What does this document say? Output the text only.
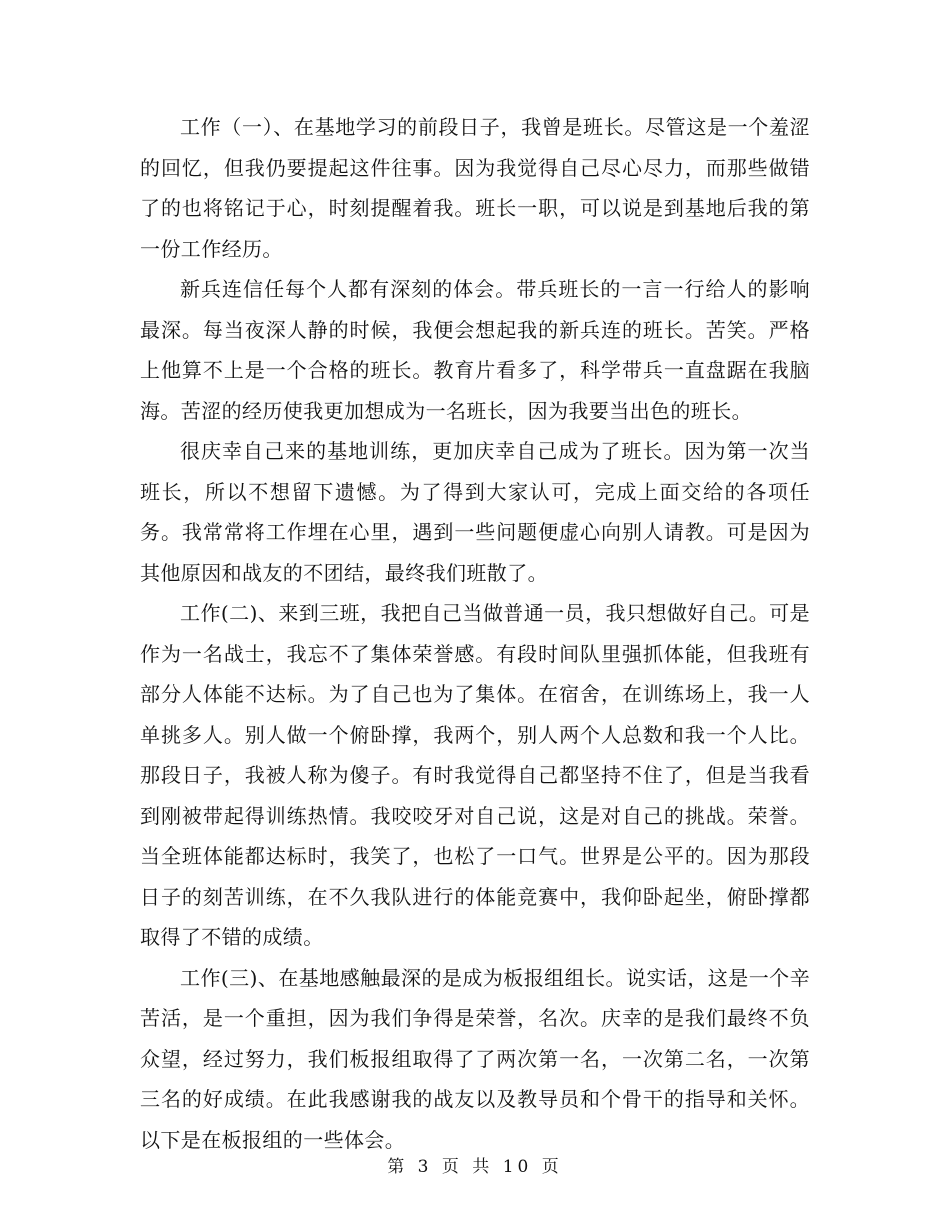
工作（一）、在基地学习的前段日子，我曾是班长。尽管这是一个羞涩的回忆，但我仍要提起这件往事。因为我觉得自己尽心尽力，而那些做错了的也将铭记于心，时刻提醒着我。班长一职，可以说是到基地后我的第一份工作经历。

新兵连信任每个人都有深刻的体会。带兵班长的一言一行给人的影响最深。每当夜深人静的时候，我便会想起我的新兵连的班长。苦笑。严格上他算不上是一个合格的班长。教育片看多了，科学带兵一直盘踞在我脑海。苦涩的经历使我更加想成为一名班长，因为我要当出色的班长。

很庆幸自己来的基地训练，更加庆幸自己成为了班长。因为第一次当班长，所以不想留下遗憾。为了得到大家认可，完成上面交给的各项任务。我常常将工作埋在心里，遇到一些问题便虚心向别人请教。可是因为其他原因和战友的不团结，最终我们班散了。

工作(二)、来到三班，我把自己当做普通一员，我只想做好自己。可是作为一名战士，我忘不了集体荣誉感。有段时间队里强抓体能，但我班有部分人体能不达标。为了自己也为了集体。在宿舍，在训练场上，我一人单挑多人。别人做一个俯卧撑，我两个，别人两个人总数和我一个人比。那段日子，我被人称为傻子。有时我觉得自己都坚持不住了，但是当我看到刚被带起得训练热情。我咬咬牙对自己说，这是对自己的挑战。荣誉。当全班体能都达标时，我笑了，也松了一口气。世界是公平的。因为那段日子的刻苦训练，在不久我队进行的体能竞赛中，我仰卧起坐，俯卧撑都取得了不错的成绩。

工作(三)、在基地感触最深的是成为板报组组长。说实话，这是一个辛苦活，是一个重担，因为我们争得是荣誉，名次。庆幸的是我们最终不负众望，经过努力，我们板报组取得了了两次第一名，一次第二名，一次第三名的好成绩。在此我感谢我的战友以及教导员和个骨干的指导和关怀。以下是在板报组的一些体会。

第 3 页 共 10 页
